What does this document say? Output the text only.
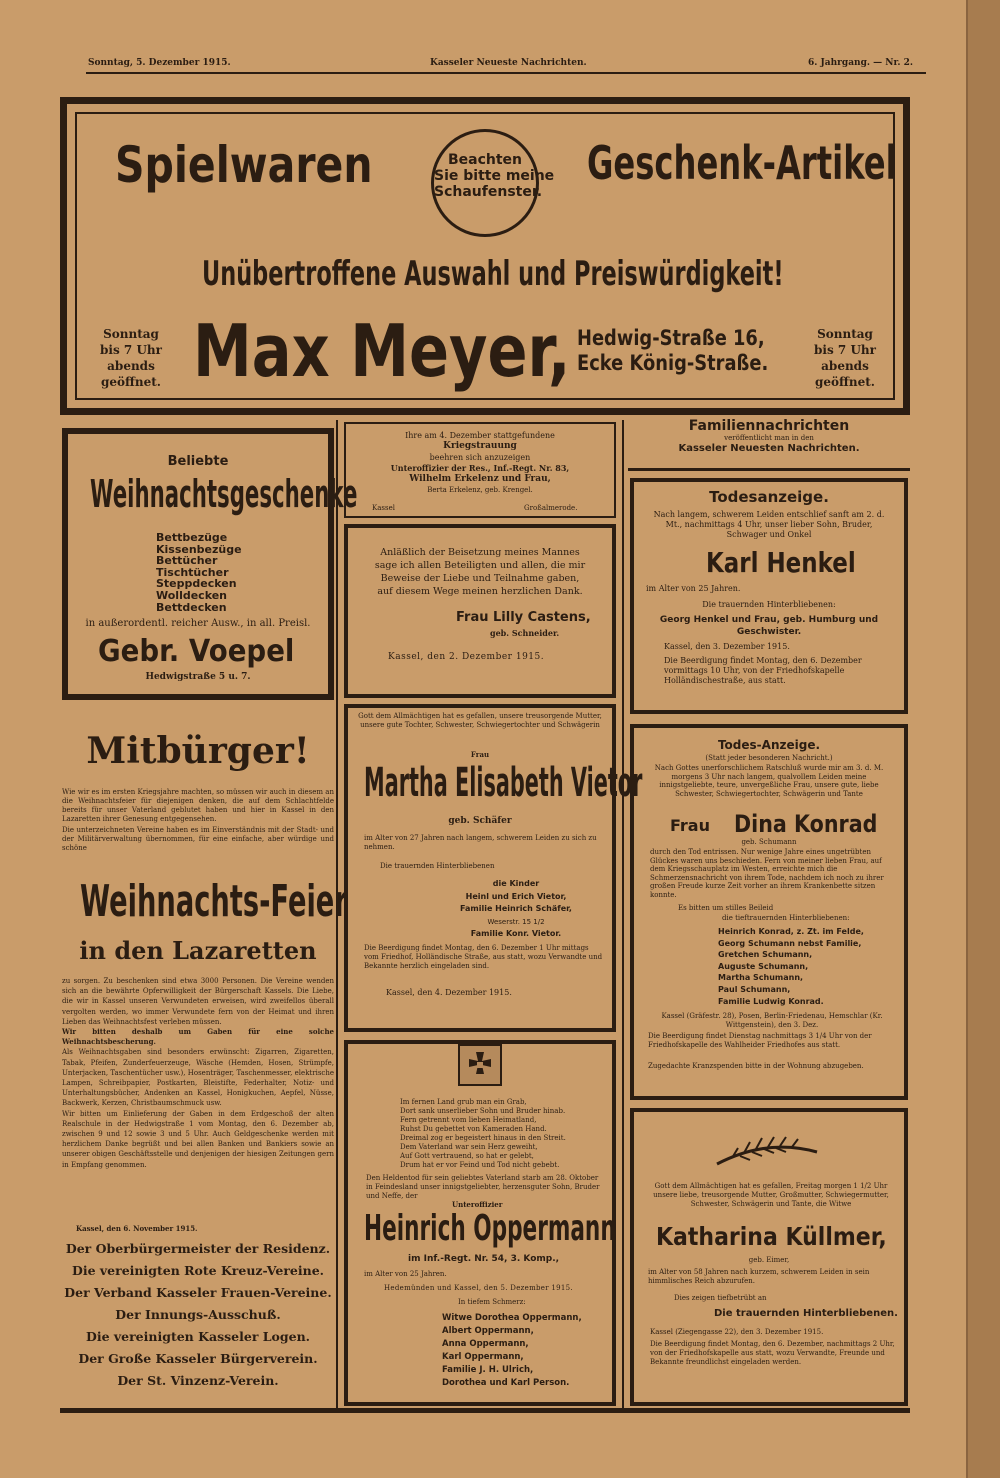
Sonntag, 5. Dezember 1915.	Kasseler Neueste Nachrichten.	6. Jahrgang. — Nr. 2.
Spielwaren	Beachten
Sie bitte meine
Schaufenster.
Geschenk-Artikel
Unübertroffene Auswahl und Preiswürdigkeit!
Sonntag
bis 7 Uhr abends
geöffnet. Max Meyer, Hedwig-Straße 16,
Ecke König-Straße.
Sonntag
bis 7 Uhr abends
geöffnet.
Beliebte
Weihnachtsgeschenke
Bettbezüge
Kissenbezüge
Bettücher
Tischtücher
Steppdecken
Wolldecken
Bettdecken
in außerordentl. reicher Ausw., in all. Preisl.
Gebr. Voepel
Hedwigstraße 5 u. 7.
Mitbürger!

Wie wir es im ersten Kriegsjahre machten, so müssen wir auch in diesem an die Weihnachtsfeier für diejenigen denken, die auf dem Schlachtfelde bereits für unser Vaterland geblutet haben und hier in Kassel in den Lazaretten ihrer Genesung entgegensehen.

Die unterzeichneten Vereine haben es im Einverständnis mit der Stadt- und der Militärverwaltung übernommen, für eine einfache, aber würdige und schöne

Weihnachts-Feier
in den Lazaretten

zu sorgen. Zu beschenken sind etwa 3000 Personen. Die Vereine wenden sich an die bewährte Opferwilligkeit der Bürgerschaft Kassels. Die Liebe, die wir in Kassel unseren Verwundeten erweisen, wird zweifellos überall vergolten werden, wo immer Verwundete fern von der Heimat und ihren Lieben das Weihnachtsfest verleben müssen.

Wir bitten deshalb um Gaben für eine solche Weihnachtsbescherung.

Als Weihnachtsgaben sind besonders erwünscht: Zigarren, Zigaretten, Tabak, Pfeifen, Zunderfeuerzeuge, Wäsche (Hemden, Hosen, Strümpfe, Unterjacken, Taschentücher usw.), Hosenträger, Taschenmesser, elektrische Lampen, Schreibpapier, Postkarten, Bleistifte, Federhalter, Notiz- und Unterhaltungsbücher, Andenken an Kassel, Honigkuchen, Aepfel, Nüsse, Backwerk, Kerzen, Christbaumschmuck usw.

Wir bitten um Einlieferung der Gaben in dem Erdgeschoß der alten Realschule in der Hedwigstraße 1 vom Montag, den 6. Dezember ab, zwischen 9 und 12 sowie 3 und 5 Uhr. Auch Geldgeschenke werden mit herzlichem Danke begrüßt und bei allen Banken und Bankiers sowie an unserer obigen Geschäftsstelle und denjenigen der hiesigen Zeitungen gern in Empfang genommen.

Kassel, den 6. November 1915.
Der Oberbürgermeister der Residenz.
Die vereinigten Rote Kreuz-Vereine.
Der Verband Kasseler Frauen-Vereine.
Der Innungs-Ausschuß.
Die vereinigten Kasseler Logen.
Der Große Kasseler Bürgerverein.
Der St. Vinzenz-Verein.
Ihre am 4. Dezember stattgefundene
Kriegstrauung
beehren sich anzuzeigen
Unteroffizier der Res., Inf.-Regt. Nr. 83,
Wilhelm Erkelenz und Frau,
Berta Erkelenz, geb. Krengel.
Kassel	Großalmerode.
Anläßlich der Beisetzung meines Mannes sage ich allen Beteiligten und allen, die mir Beweise der Liebe und Teilnahme gaben, auf diesem Wege meinen herzlichen Dank.
Frau Lilly Castens,
geb. Schneider.
Kassel, den 2. Dezember 1915.
Gott dem Allmächtigen hat es gefallen, unsere treusorgende Mutter, unsere gute Tochter, Schwester, Schwiegertochter und Schwägerin
Frau
Martha Elisabeth Vietor
geb. Schäfer
im Alter von 27 Jahren nach langem, schwerem Leiden zu sich zu nehmen.
Die trauernden Hinterbliebenen
die Kinder
Heinl und Erich Vietor,
Familie Heinrich Schäfer,
Weserstr. 15 1/2
Familie Konr. Vietor.
Die Beerdigung findet Montag, den 6. Dezember 1 Uhr mittags vom Friedhof, Holländische Straße, aus statt, wozu Verwandte und Bekannte herzlich eingeladen sind.
Kassel, den 4. Dezember 1915.
Im fernen Land grub man ein Grab,
Dort sank unserlieber Sohn und Bruder hinab.
Fern getrennt vom lieben Heimatland,
Ruhst Du gebettet von Kameraden Hand.
Dreimal zog er begeistert hinaus in den Streit.
Dem Vaterland war sein Herz geweiht,
Auf Gott vertrauend, so hat er gelebt,
Drum hat er vor Feind und Tod nicht gebebt.
Den Heldentod für sein geliebtes Vaterland starb am 28. Oktober in Feindesland unser innigstgeliebter, herzensguter Sohn, Bruder und Neffe, der
Unteroffizier
Heinrich Oppermann
im Inf.-Regt. Nr. 54, 3. Komp.,
im Alter von 25 Jahren.
Hedemünden und Kassel, den 5. Dezember 1915.
In tiefem Schmerz:
Witwe Dorothea Oppermann,
Albert Oppermann,
Anna Oppermann,
Karl Oppermann,
Familie J. H. Ulrich,
Dorothea und Karl Person.
Familiennachrichten
veröffentlicht man in den
Kasseler Neuesten Nachrichten.
Todesanzeige.
Nach langem, schwerem Leiden entschlief sanft am 2. d. Mt., nachmittags 4 Uhr, unser lieber Sohn, Bruder, Schwager und Onkel
Karl Henkel
im Alter von 25 Jahren.
Die trauernden Hinterbliebenen:
Georg Henkel und Frau, geb. Humburg und Geschwister.
Kassel, den 3. Dezember 1915.
Die Beerdigung findet Montag, den 6. Dezember vormittags 10 Uhr, von der Friedhofskapelle Holländischestraße, aus statt.
Todes-Anzeige.
(Statt jeder besonderen Nachricht.)
Nach Gottes unerforschlichem Ratschluß wurde mir am 3. d. M. morgens 3 Uhr nach langem, qualvollem Leiden meine innigstgeliebte, teure, unvergeßliche Frau, unsere gute, liebe Schwester, Schwiegertochter, Schwägerin und Tante
Frau Dina Konrad
geb. Schumann
durch den Tod entrissen. Nur wenige Jahre eines ungetrübten Glückes waren uns beschieden. Fern von meiner lieben Frau, auf dem Kriegsschauplatz im Westen, erreichte mich die Schmerzensnachricht von ihrem Tode, nachdem ich noch zu ihrer großen Freude kurze Zeit vorher an ihrem Krankenbette sitzen konnte.
Es bitten um stilles Beileid
die tieftrauernden Hinterbliebenen:
Heinrich Konrad, z. Zt. im Felde,
Georg Schumann nebst Familie,
Gretchen Schumann,
Auguste Schumann,
Martha Schumann,
Paul Schumann,
Familie Ludwig Konrad.
Kassel (Gräfestr. 28), Posen, Berlin-Friedenau, Hemschlar (Kr. Wittgenstein), den 3. Dez.
Die Beerdigung findet Dienstag nachmittags 3 1/4 Uhr von der Friedhofskapelle des Wahlheider Friedhofes aus statt.
Zugedachte Kranzspenden bitte in der Wohnung abzugeben.
Gott dem Allmächtigen hat es gefallen, Freitag morgen 1 1/2 Uhr unsere liebe, treusorgende Mutter, Großmutter, Schwiegermutter, Schwester, Schwägerin und Tante, die Witwe
Katharina Küllmer,
geb. Eimer,
im Alter von 58 Jahren nach kurzem, schwerem Leiden in sein himmlisches Reich abzurufen.
Dies zeigen tiefbetrübt an
Die trauernden Hinterbliebenen.
Kassel (Ziegengasse 22), den 3. Dezember 1915.
Die Beerdigung findet Montag, den 6. Dezember, nachmittags 2 Uhr, von der Friedhofskapelle aus statt, wozu Verwandte, Freunde und Bekannte freundlichst eingeladen werden.
